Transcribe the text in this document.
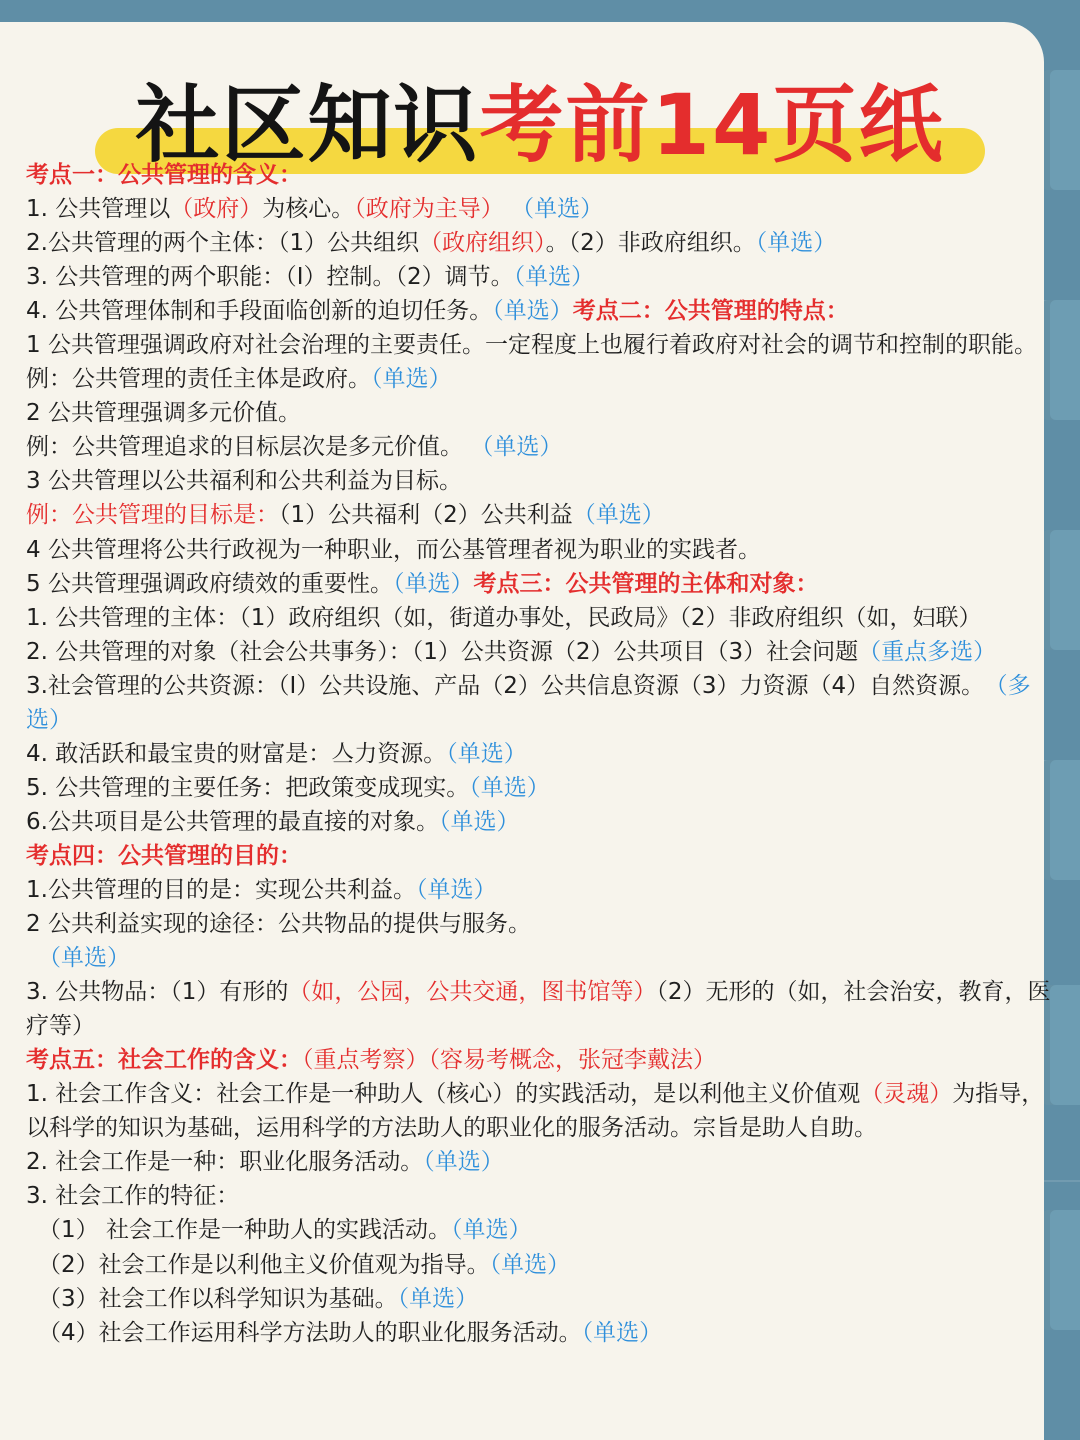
社区知识考前14页纸
考点一：公共管理的含义：
1. 公共管理以（政府）为核心。（政府为主导） （单选）
2.公共管理的两个主体：（1）公共组织（政府组织）。（2）非政府组织。（单选）
3. 公共管理的两个职能：（I）控制。（2）调节。（单选）
4. 公共管理体制和手段面临创新的迫切任务。（单选）考点二：公共管理的特点：
1 公共管理强调政府对社会治理的主要责任。一定程度上也履行着政府对社会的调节和控制的职能。
例：公共管理的责任主体是政府。（单选）
2 公共管理强调多元价值。
例：公共管理追求的目标层次是多元价值。 （单选）
3 公共管理以公共福利和公共利益为目标。
例：公共管理的目标是：（1）公共福利（2）公共利益（单选）
4 公共管理将公共行政视为一种职业，而公基管理者视为职业的实践者。
5 公共管理强调政府绩效的重要性。（单选）考点三：公共管理的主体和对象：
1. 公共管理的主体：（1）政府组织（如，街道办事处，民政局》（2）非政府组织（如，妇联）
2. 公共管理的对象（社会公共事务）：（1）公共资源（2）公共项目（3）社会问题（重点多选）
3.社会管理的公共资源：（I）公共设施、产品（2）公共信息资源（3）力资源（4）自然资源。 （多选）
4. 敢活跃和最宝贵的财富是：亼力资源。（单选）
5. 公共管理的主要任务：把政策变成现实。（单选）
6.公共项目是公共管理的最直接的对象。（单选）
考点四：公共管理的目的：
1.公共管理的目的是：实现公共利益。（单选）
2 公共利益实现的途径：公共物品的提供与服务。
（单选）
3. 公共物品：（1）有形的（如，公园，公共交通，图书馆等）（2）无形的（如，社会治安，教育，医疗等）
考点五：社会工作的含义：（重点考察）（容易考概念，张冠李戴法）
1. 社会工作含义：社会工作是一种助人（核心）的实践活动，是以利他主义价值观（灵魂）为指导，以科学的知识为基础，运用科学的方法助人的职业化的服务活动。宗旨是助人自助。
2. 社会工作是一种：职业化服务活动。（单选）
3. 社会工作的特征：
（1） 社会工作是一种助人的实践活动。（单选）
（2）社会工作是以利他主义价值观为指导。（单选）
（3）社会工作以科学知识为基础。（单选）
（4）社会工作运用科学方法助人的职业化服务活动。（单选）
